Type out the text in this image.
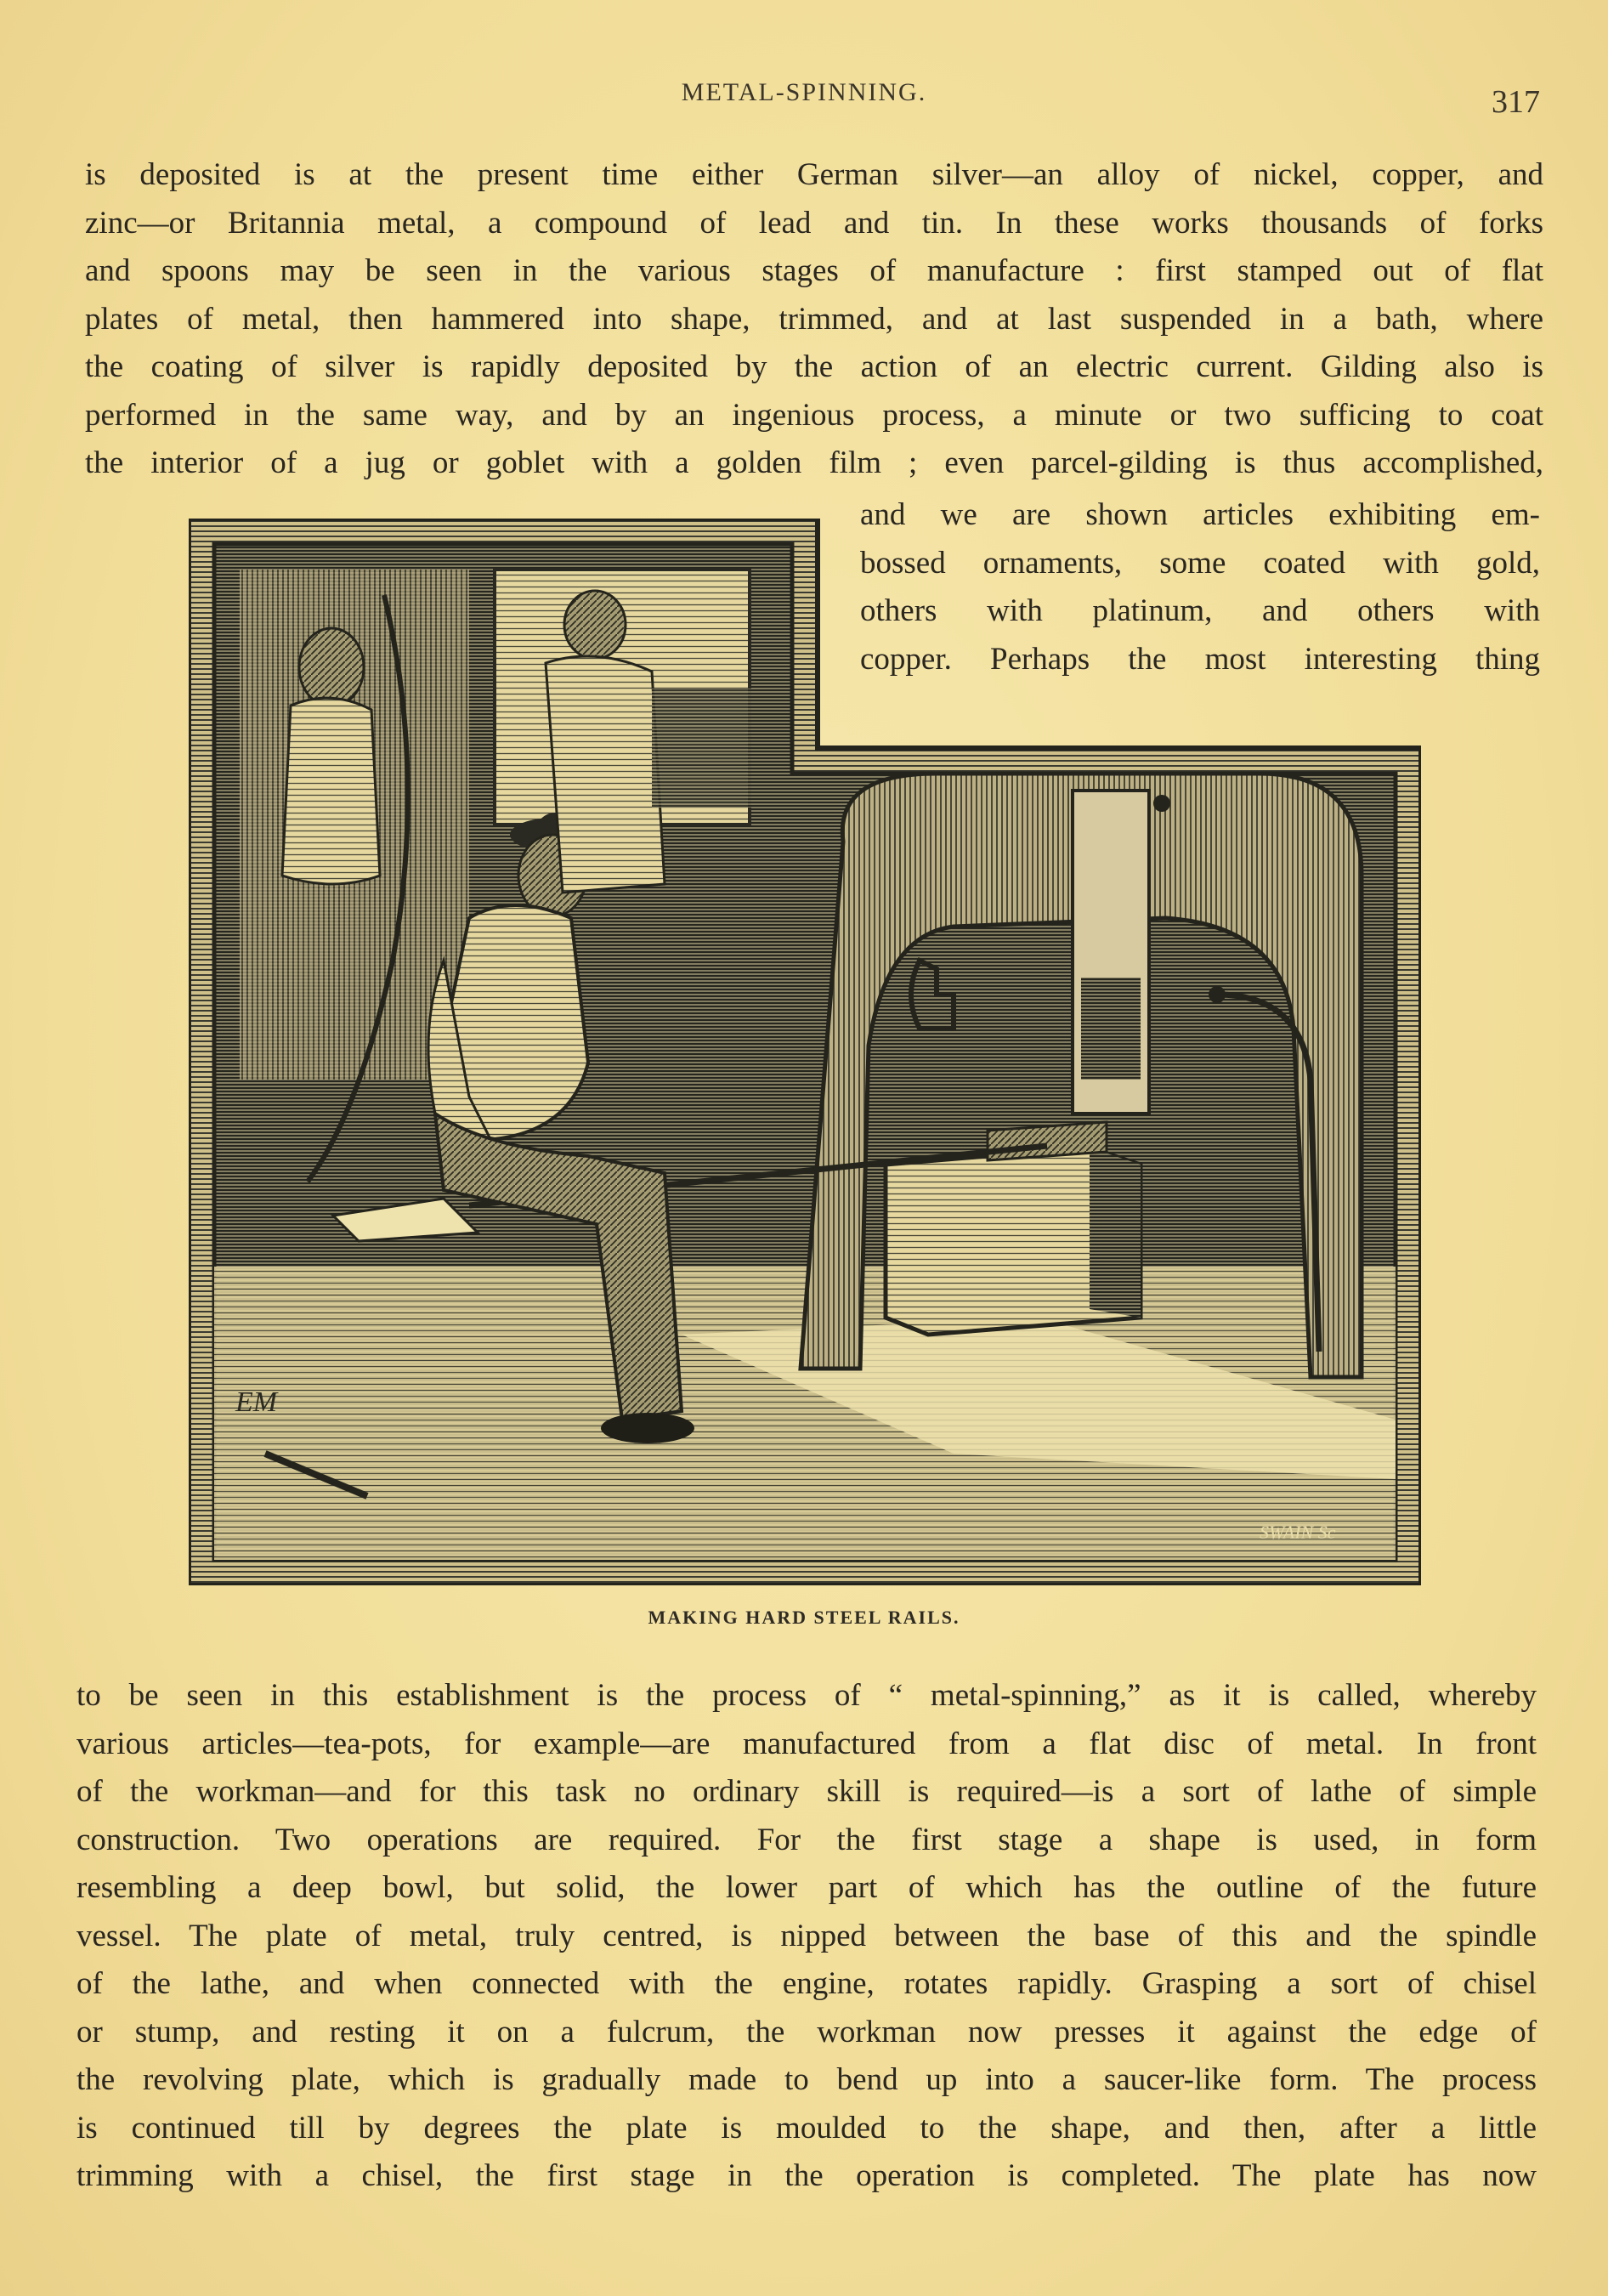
METAL-SPINNING.	317

is deposited is at the present time either German silver—an alloy of nickel, copper, and
zinc—or Britannia metal, a compound of lead and tin. In these works thousands of forks
and spoons may be seen in the various stages of manufacture : first stamped out of flat
plates of metal, then hammered into shape, trimmed, and at last suspended in a bath, where
the coating of silver is rapidly deposited by the action of an electric current. Gilding also is
performed in the same way, and by an ingenious process, a minute or two sufficing to coat
the interior of a jug or goblet with a golden film ; even parcel-gilding is thus accomplished,

and we are shown articles exhibiting em-
bossed ornaments, some coated with gold,
others with platinum, and others with
copper. Perhaps the most interesting thing

EM
SWAIN Sc
MAKING HARD STEEL RAILS.

to be seen in this establishment is the process of “ metal-spinning,” as it is called, whereby
various articles—tea-pots, for example—are manufactured from a flat disc of metal. In front
of the workman—and for this task no ordinary skill is required—is a sort of lathe of simple
construction. Two operations are required. For the first stage a shape is used, in form
resembling a deep bowl, but solid, the lower part of which has the outline of the future
vessel. The plate of metal, truly centred, is nipped between the base of this and the spindle
of the lathe, and when connected with the engine, rotates rapidly. Grasping a sort of chisel
or stump, and resting it on a fulcrum, the workman now presses it against the edge of
the revolving plate, which is gradually made to bend up into a saucer-like form. The process
is continued till by degrees the plate is moulded to the shape, and then, after a little
trimming with a chisel, the first stage in the operation is completed. The plate has now
